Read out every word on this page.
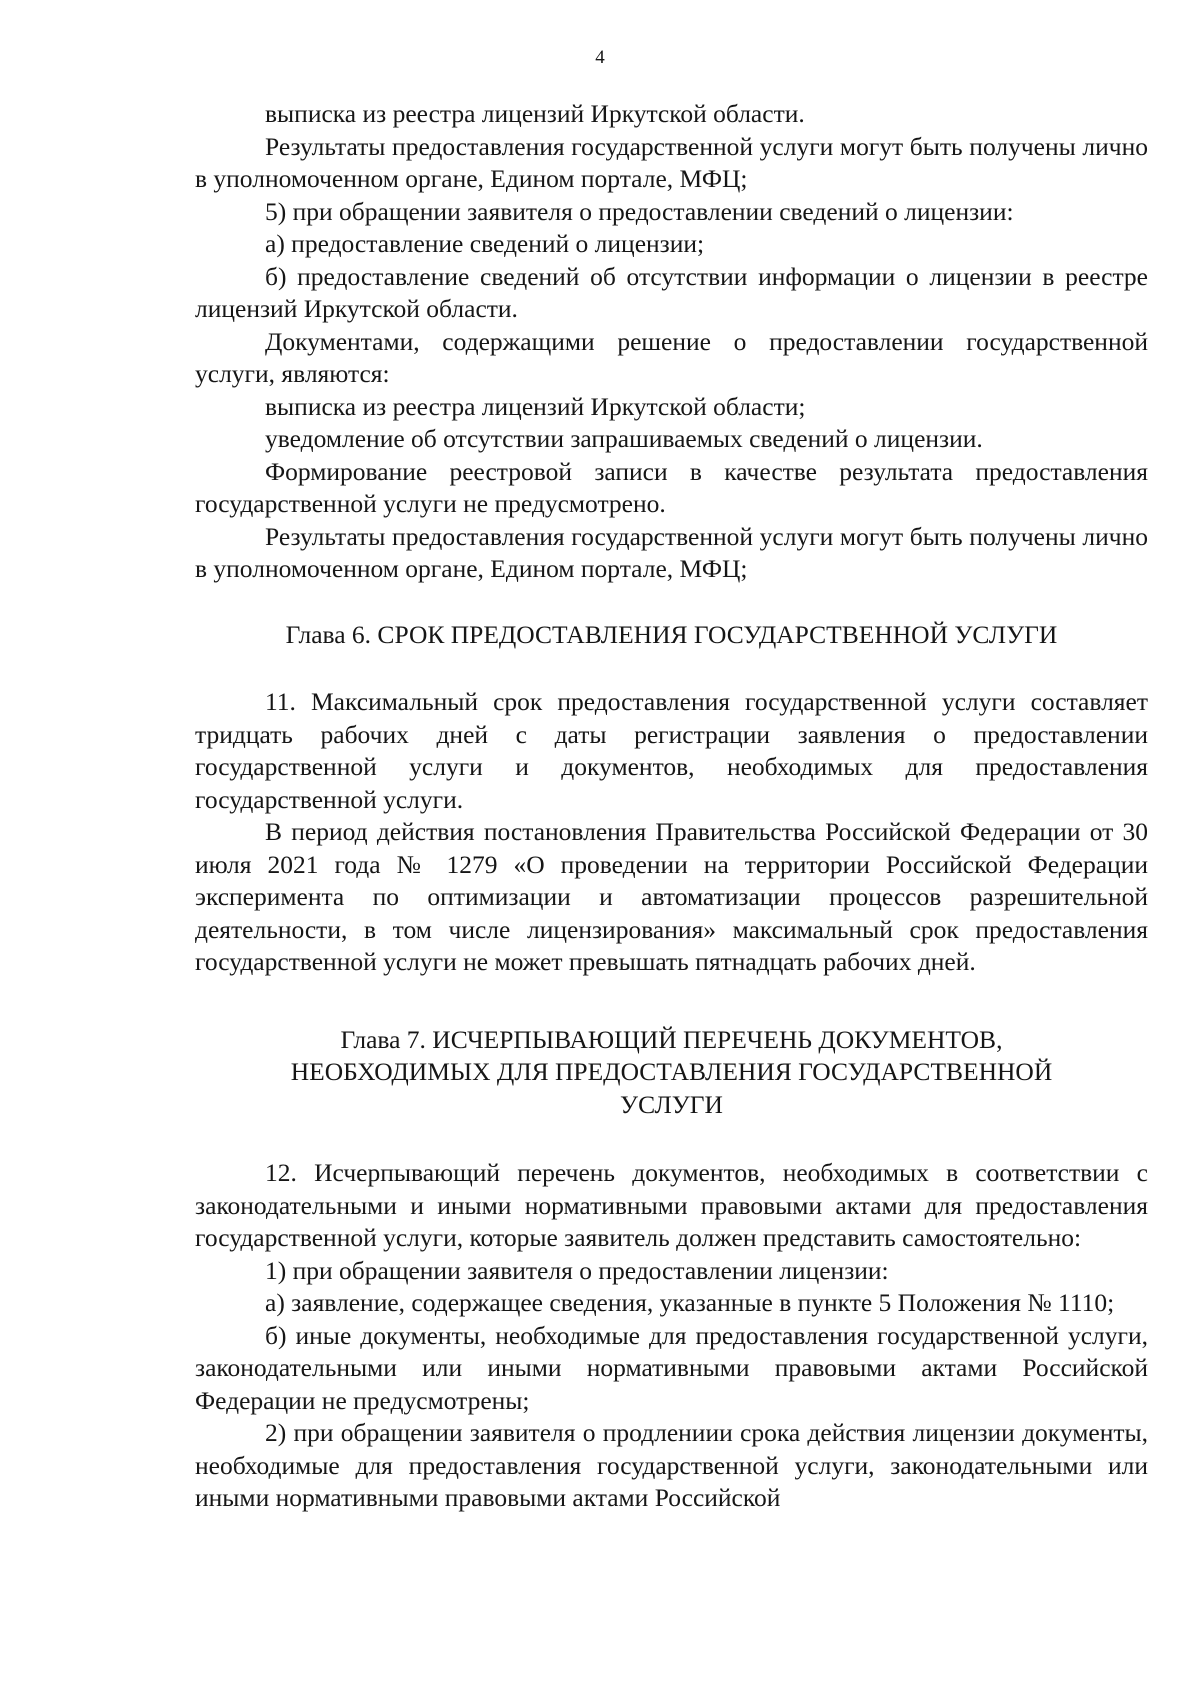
4

выписка из реестра лицензий Иркутской области.

Результаты предоставления государственной услуги могут быть получены лично в уполномоченном органе, Едином портале, МФЦ;

5) при обращении заявителя о предоставлении сведений о лицензии:

а) предоставление сведений о лицензии;

б) предоставление сведений об отсутствии информации о лицензии в реестре лицензий Иркутской области.

Документами, содержащими решение о предоставлении государственной услуги, являются:

выписка из реестра лицензий Иркутской области;

уведомление об отсутствии запрашиваемых сведений о лицензии.

Формирование реестровой записи в качестве результата предоставления государственной услуги не предусмотрено.

Результаты предоставления государственной услуги могут быть получены лично в уполномоченном органе, Едином портале, МФЦ;

Глава 6. СРОК ПРЕДОСТАВЛЕНИЯ ГОСУДАРСТВЕННОЙ УСЛУГИ

11. Максимальный срок предоставления государственной услуги составляет тридцать рабочих дней с даты регистрации заявления о предоставлении государственной услуги и документов, необходимых для предоставления государственной услуги.

В период действия постановления Правительства Российской Федерации от 30 июля 2021 года № 1279 «О проведении на территории Российской Федерации эксперимента по оптимизации и автоматизации процессов разрешительной деятельности, в том числе лицензирования» максимальный срок предоставления государственной услуги не может превышать пятнадцать рабочих дней.

Глава 7. ИСЧЕРПЫВАЮЩИЙ ПЕРЕЧЕНЬ ДОКУМЕНТОВ,
НЕОБХОДИМЫХ ДЛЯ ПРЕДОСТАВЛЕНИЯ ГОСУДАРСТВЕННОЙ
УСЛУГИ

12. Исчерпывающий перечень документов, необходимых в соответствии с законодательными и иными нормативными правовыми актами для предоставления государственной услуги, которые заявитель должен представить самостоятельно:

1) при обращении заявителя о предоставлении лицензии:

а) заявление, содержащее сведения, указанные в пункте 5 Положения № 1110;

б) иные документы, необходимые для предоставления государственной услуги, законодательными или иными нормативными правовыми актами Российской Федерации не предусмотрены;

2) при обращении заявителя о продлениии срока действия лицензии документы, необходимые для предоставления государственной услуги, законодательными или иными нормативными правовыми актами Российской
